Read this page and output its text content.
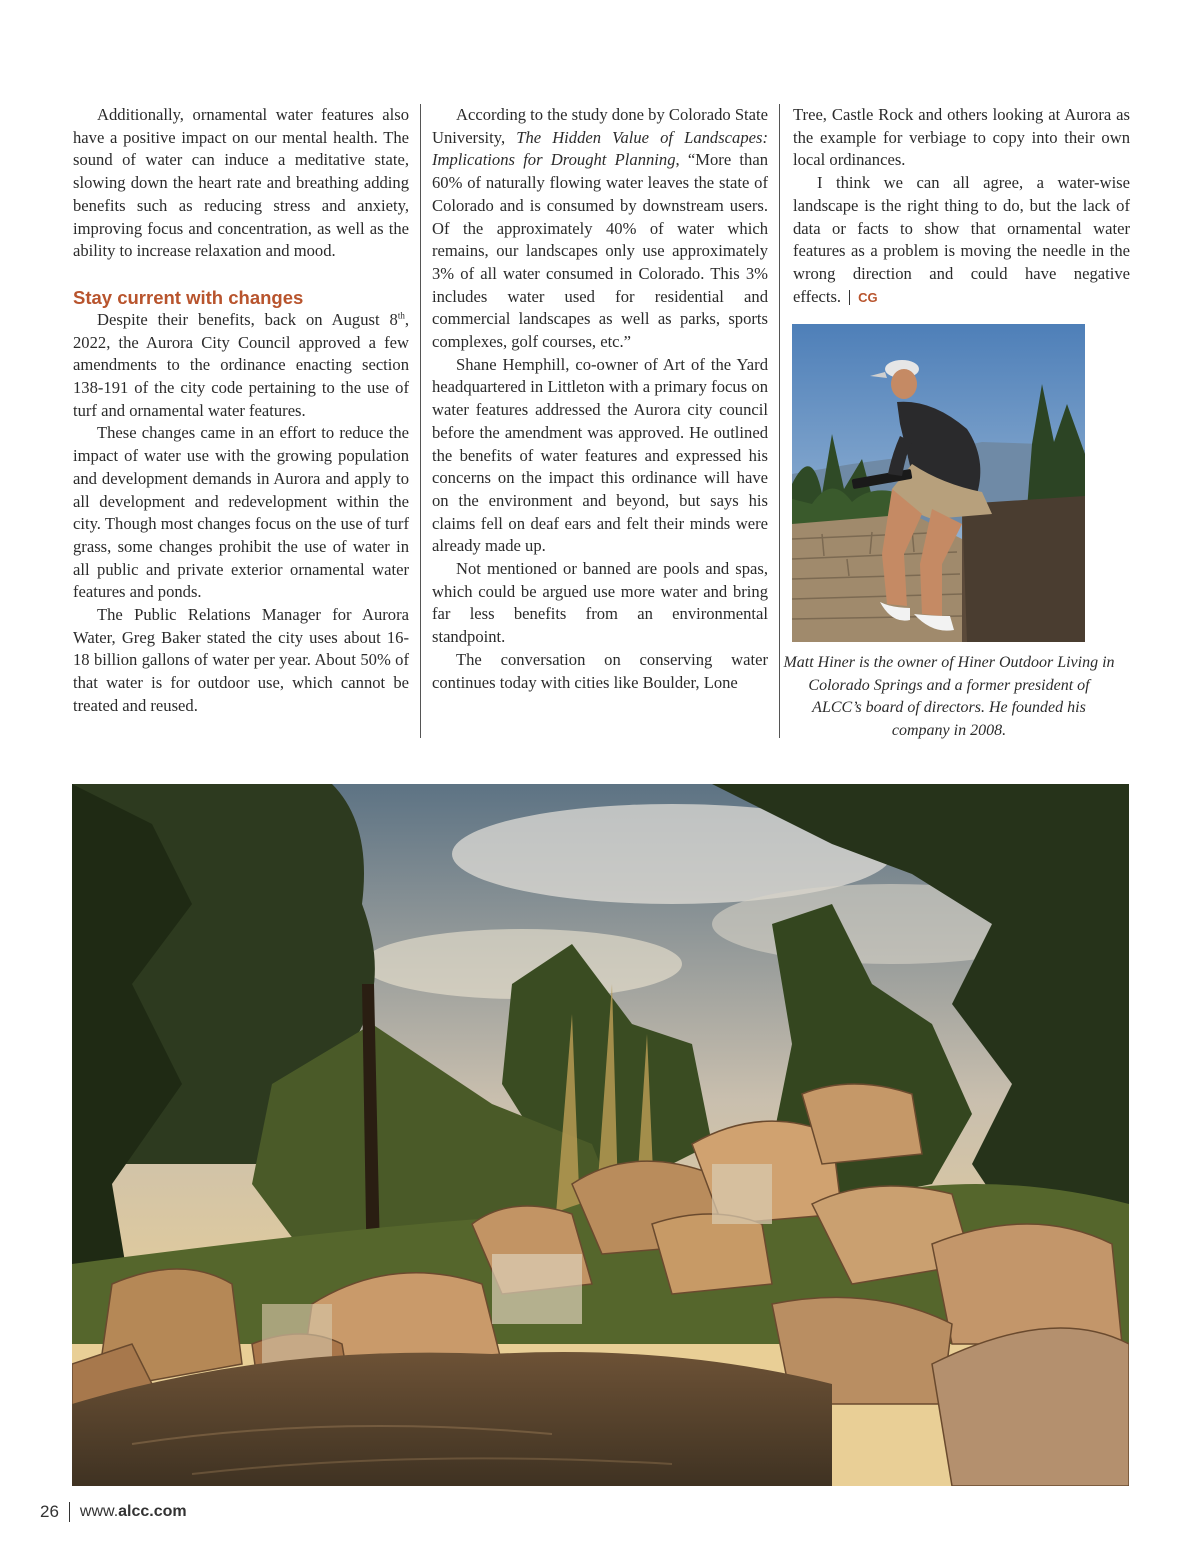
Additionally, ornamental water features also have a positive impact on our mental health. The sound of water can induce a meditative state, slowing down the heart rate and breathing adding benefits such as reducing stress and anxiety, improving focus and concentration, as well as the ability to increase relaxation and mood.

Stay current with changes

Despite their benefits, back on August 8th, 2022, the Aurora City Council approved a few amendments to the ordinance enacting section 138-191 of the city code pertaining to the use of turf and ornamental water features.

These changes came in an effort to reduce the impact of water use with the growing population and development demands in Aurora and apply to all development and redevelopment within the city. Though most changes focus on the use of turf grass, some changes prohibit the use of water in all public and private exterior ornamental water features and ponds.

The Public Relations Manager for Aurora Water, Greg Baker stated the city uses about 16-18 billion gallons of water per year. About 50% of that water is for outdoor use, which cannot be treated and reused.

According to the study done by Colorado State University, The Hidden Value of Landscapes: Implications for Drought Planning, “More than 60% of naturally flowing water leaves the state of Colorado and is consumed by downstream users. Of the approximately 40% of water which remains, our landscapes only use approximately 3% of all water consumed in Colorado. This 3% includes water used for residential and commercial landscapes as well as parks, sports complexes, golf courses, etc.”

Shane Hemphill, co-owner of Art of the Yard headquartered in Littleton with a primary focus on water features addressed the Aurora city council before the amendment was approved. He outlined the benefits of water features and expressed his concerns on the impact this ordinance will have on the environment and beyond, but says his claims fell on deaf ears and felt their minds were already made up.

Not mentioned or banned are pools and spas, which could be argued use more water and bring far less benefits from an environmental standpoint.

The conversation on conserving water continues today with cities like Boulder, Lone

Tree, Castle Rock and others looking at Aurora as the example for verbiage to copy into their own local ordinances.

I think we can all agree, a water-wise landscape is the right thing to do, but the lack of data or facts to show that ornamental water features as a problem is moving the needle in the wrong direction and could have negative effects. CG

Matt Hiner is the owner of Hiner Outdoor Living in Colorado Springs and a former president of ALCC’s board of directors. He founded his company in 2008.
26 www.alcc.com
